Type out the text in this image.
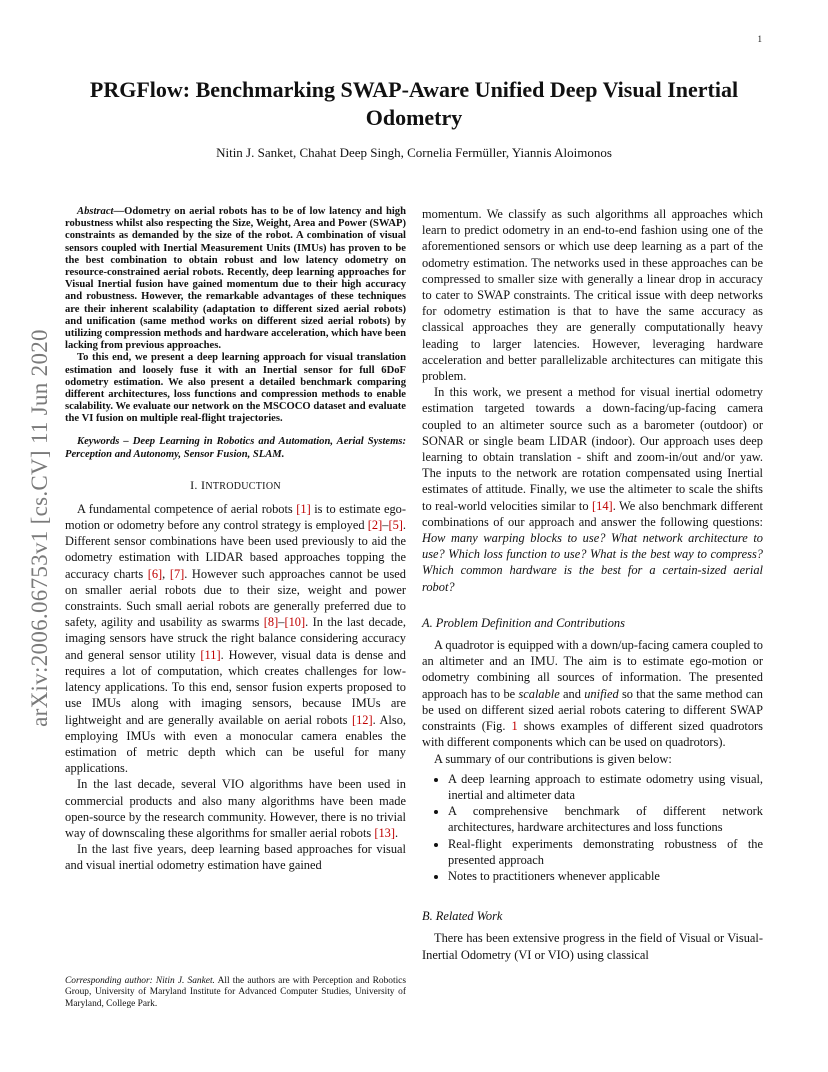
1
arXiv:2006.06753v1 [cs.CV] 11 Jun 2020
PRGFlow: Benchmarking SWAP-Aware Unified Deep Visual Inertial Odometry
Nitin J. Sanket, Chahat Deep Singh, Cornelia Fermüller, Yiannis Aloimonos

Abstract—Odometry on aerial robots has to be of low latency and high robustness whilst also respecting the Size, Weight, Area and Power (SWAP) constraints as demanded by the size of the robot. A combination of visual sensors coupled with Inertial Measurement Units (IMUs) has proven to be the best combination to obtain robust and low latency odometry on resource-constrained aerial robots. Recently, deep learning approaches for Visual Inertial fusion have gained momentum due to their high accuracy and robustness. However, the remarkable advantages of these techniques are their inherent scalability (adaptation to different sized aerial robots) and unification (same method works on different sized aerial robots) by utilizing compression methods and hardware acceleration, which have been lacking from previous approaches.

To this end, we present a deep learning approach for visual translation estimation and loosely fuse it with an Inertial sensor for full 6DoF odometry estimation. We also present a detailed benchmark comparing different architectures, loss functions and compression methods to enable scalability. We evaluate our network on the MSCOCO dataset and evaluate the VI fusion on multiple real-flight trajectories.

Keywords – Deep Learning in Robotics and Automation, Aerial Systems: Perception and Autonomy, Sensor Fusion, SLAM.

I. INTRODUCTION

A fundamental competence of aerial robots [1] is to estimate ego-motion or odometry before any control strategy is employed [2]–[5]. Different sensor combinations have been used previously to aid the odometry estimation with LIDAR based approaches topping the accuracy charts [6], [7]. However such approaches cannot be used on smaller aerial robots due to their size, weight and power constraints. Such small aerial robots are generally preferred due to safety, agility and usability as swarms [8]–[10]. In the last decade, imaging sensors have struck the right balance considering accuracy and general sensor utility [11]. However, visual data is dense and requires a lot of computation, which creates challenges for low-latency applications. To this end, sensor fusion experts proposed to use IMUs along with imaging sensors, because IMUs are lightweight and are generally available on aerial robots [12]. Also, employing IMUs with even a monocular camera enables the estimation of metric depth which can be useful for many applications.

In the last decade, several VIO algorithms have been used in commercial products and also many algorithms have been made open-source by the research community. However, there is no trivial way of downscaling these algorithms for smaller aerial robots [13].

In the last five years, deep learning based approaches for visual and visual inertial odometry estimation have gained

Corresponding author: Nitin J. Sanket. All the authors are with Perception and Robotics Group, University of Maryland Institute for Advanced Computer Studies, University of Maryland, College Park.

momentum. We classify as such algorithms all approaches which learn to predict odometry in an end-to-end fashion using one of the aforementioned sensors or which use deep learning as a part of the odometry estimation. The networks used in these approaches can be compressed to smaller size with generally a linear drop in accuracy to cater to SWAP constraints. The critical issue with deep networks for odometry estimation is that to have the same accuracy as classical approaches they are generally computationally heavy leading to larger latencies. However, leveraging hardware acceleration and better parallelizable architectures can mitigate this problem.

In this work, we present a method for visual inertial odometry estimation targeted towards a down-facing/up-facing camera coupled to an altimeter source such as a barometer (outdoor) or SONAR or single beam LIDAR (indoor). Our approach uses deep learning to obtain translation - shift and zoom-in/out and/or yaw. The inputs to the network are rotation compensated using Inertial estimates of attitude. Finally, we use the altimeter to scale the shifts to real-world velocities similar to [14]. We also benchmark different combinations of our approach and answer the following questions: How many warping blocks to use? What network architecture to use? Which loss function to use? What is the best way to compress? Which common hardware is the best for a certain-sized aerial robot?

A. Problem Definition and Contributions

A quadrotor is equipped with a down/up-facing camera coupled to an altimeter and an IMU. The aim is to estimate ego-motion or odometry combining all sources of information. The presented approach has to be scalable and unified so that the same method can be used on different sized aerial robots catering to different SWAP constraints (Fig. 1 shows examples of different sized quadrotors with different components which can be used on quadrotors).

A summary of our contributions is given below:

• A deep learning approach to estimate odometry using visual, inertial and altimeter data
• A comprehensive benchmark of different network architectures, hardware architectures and loss functions
• Real-flight experiments demonstrating robustness of the presented approach
• Notes to practitioners whenever applicable
B. Related Work

There has been extensive progress in the field of Visual or Visual-Inertial Odometry (VI or VIO) using classical
